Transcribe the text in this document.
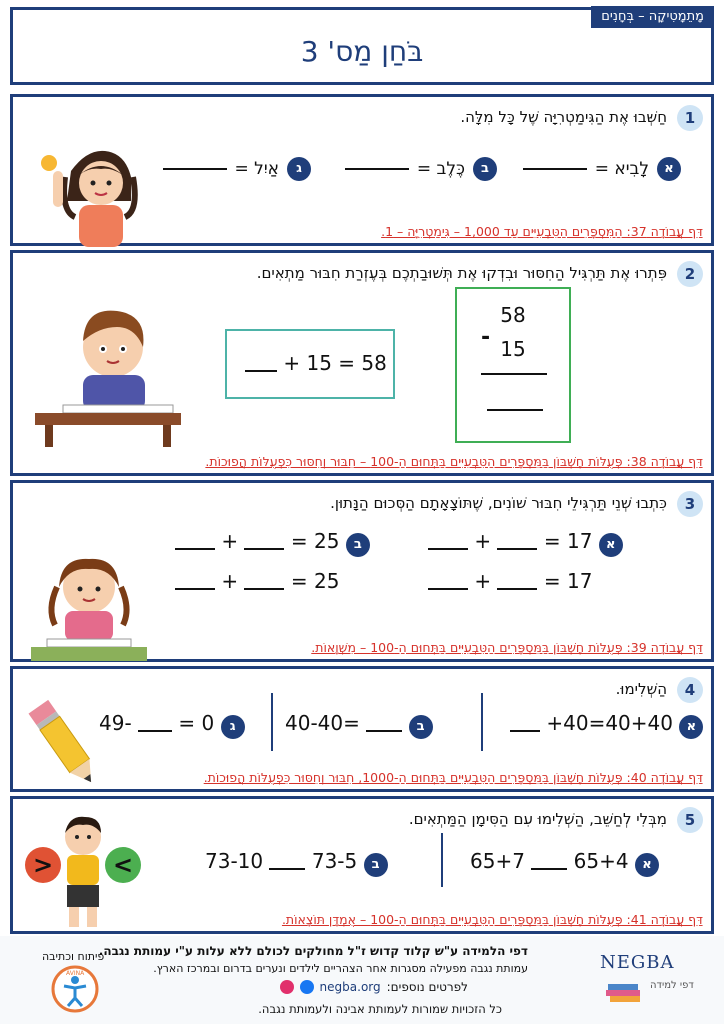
מָתֵמָטִיקָה – בְּחָנִים
בֹּחַן מַס' 3
1
חַשְּׁבוּ אֶת הַגִּימַטְרִיָּה שֶׁל כָּל מִלָּה.
א
לָבִיא =
ב
כֶּלֶב =
ג
אַיִל =
דַּף עֲבוֹדָה 37: הַמִּסְפָּרִים הַטִּבְעִיִּים עַד 1,000 – גִּימַטְרִיָּה – 1.
2
פִּתְרוּ אֶת תַּרְגִּיל הַחִסּוּר וּבִדְקוּ אֶת תְּשׁוּבַתְכֶם בְּעֶזְרַת חִבּוּר מַתְאִים.
+ 15 = 58
58
- 15
דַּף עֲבוֹדָה 38: פְּעֻלּוֹת חֶשְׁבּוֹן בַּמִּסְפָּרִים הַטִּבְעִיִּים בַּתְּחוּם הַ-100 – חִבּוּר וְחִסּוּר כִּפְעֻלּוֹת הֲפוּכוֹת.
3
כִּתְבוּ שְׁנֵי תַּרְגִּילֵי חִבּוּר שׁוֹנִים, שֶׁתּוֹצָאָתָם הַסְּכוּם הַנָּתוּן.
+	= 17 א
+	= 17
+	= 25 ב
+	= 25
דַּף עֲבוֹדָה 39: פְּעֻלּוֹת חֶשְׁבּוֹן בַּמִּסְפָּרִים הַטִּבְעִיִּים בַּתְּחוּם הַ-100 – מִשְׁוָאוֹת.
4
הַשְׁלִימוּ.
+40=40+40 א
40-40=	ב
49- = 0 ג
דַּף עֲבוֹדָה 40: פְּעֻלּוֹת חֶשְׁבּוֹן בַּמִּסְפָּרִים הַטִּבְעִיִּים בַּתְּחוּם הַ-1000, חִבּוּר וְחִסּוּר כִּפְעֻלּוֹת הֲפוּכוֹת.
5
מִבְּלִי לְחַשֵּׁב, הַשְׁלִימוּ עִם הַסִּימָן הַמַּתְאִים.
> <	65+7 65+4 א
73-10 73-5 ב
דַּף עֲבוֹדָה 41: פְּעֻלּוֹת חֶשְׁבּוֹן בַּמִּסְפָּרִים הַטִּבְעִיִּים בַּתְּחוּם הַ-100 – אֻמְדָּן תּוֹצָאוֹת.
דפי הלמידה ע"ש קלוד קדוש ז"ל מחולקים לכולם ללא עלות ע"י עמותת נגבה.
עמותת נגבה מפעילה מסגרות אחר הצהריים לילדים ונערים בדרום ובמרכז הארץ.
לפרטים נוספים:
negba.org
כל הזכויות שמורות לעמותת אבינה ולעמותת נגבה.
פיתוח וכתיבה
AVINA
NEGBA
דפי למידה
